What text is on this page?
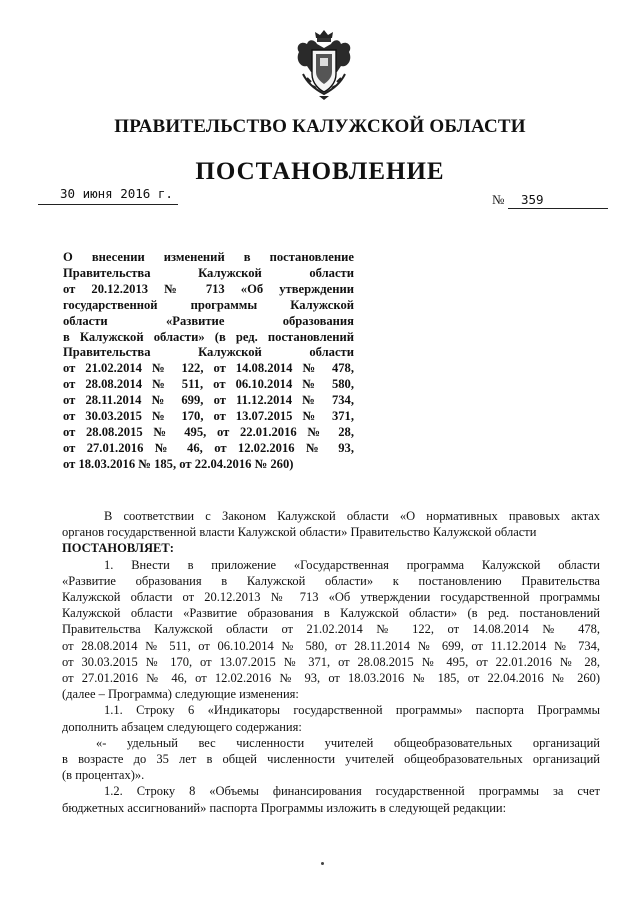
ПРАВИТЕЛЬСТВО КАЛУЖСКОЙ ОБЛАСТИ
ПОСТАНОВЛЕНИЕ
30 июня 2016 г.	№ 359
О внесении изменений в постановление
Правительства Калужской области
от 20.12.2013 № 713 «Об утверждении
государственной программы Калужской
области «Развитие образования
в Калужской области» (в ред. постановлений
Правительства Калужской области
от 21.02.2014 № 122, от 14.08.2014 № 478,
от 28.08.2014 № 511, от 06.10.2014 № 580,
от 28.11.2014 № 699, от 11.12.2014 № 734,
от 30.03.2015 № 170, от 13.07.2015 № 371,
от 28.08.2015 № 495, от 22.01.2016 № 28,
от 27.01.2016 № 46, от 12.02.2016 № 93,
от 18.03.2016 № 185, от 22.04.2016 № 260)
В соответствии с Законом Калужской области «О нормативных правовых актах
органов государственной власти Калужской области» Правительство Калужской области
ПОСТАНОВЛЯЕТ:
1. Внести в приложение «Государственная программа Калужской области
«Развитие образования в Калужской области» к постановлению Правительства
Калужской области от 20.12.2013 № 713 «Об утверждении государственной программы
Калужской области «Развитие образования в Калужской области» (в ред. постановлений
Правительства Калужской области от 21.02.2014 № 122, от 14.08.2014 № 478,
от 28.08.2014 № 511, от 06.10.2014 № 580, от 28.11.2014 № 699, от 11.12.2014 № 734,
от 30.03.2015 № 170, от 13.07.2015 № 371, от 28.08.2015 № 495, от 22.01.2016 № 28,
от 27.01.2016 № 46, от 12.02.2016 № 93, от 18.03.2016 № 185, от 22.04.2016 № 260)
(далее – Программа) следующие изменения:
1.1. Строку 6 «Индикаторы государственной программы» паспорта Программы
дополнить абзацем следующего содержания:
«- удельный вес численности учителей общеобразовательных организаций
в возрасте до 35 лет в общей численности учителей общеобразовательных организаций
(в процентах)».
1.2. Строку 8 «Объемы финансирования государственной программы за счет
бюджетных ассигнований» паспорта Программы изложить в следующей редакции:
